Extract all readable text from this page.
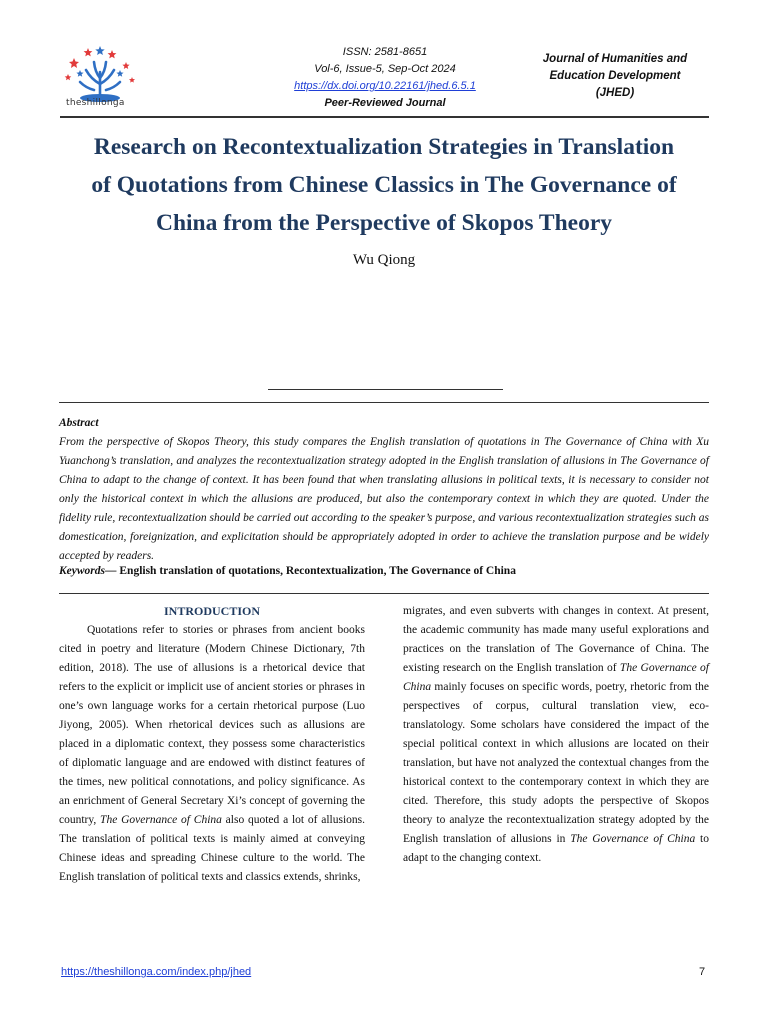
theshillonga
ISSN: 2581-8651
Vol-6, Issue-5, Sep-Oct 2024
https://dx.doi.org/10.22161/jhed.6.5.1
Peer-Reviewed Journal
Journal of Humanities and
Education Development
(JHED)
Research on Recontextualization Strategies in Translation
of Quotations from Chinese Classics in The Governance of
China from the Perspective of Skopos Theory
Wu Qiong
Abstract
From the perspective of Skopos Theory, this study compares the English translation of quotations in The Governance of China with Xu Yuanchong’s translation, and analyzes the recontextualization strategy adopted in the English translation of allusions in The Governance of China to adapt to the change of context. It has been found that when translating allusions in political texts, it is necessary to consider not only the historical context in which the allusions are produced, but also the contemporary context in which they are quoted. Under the fidelity rule, recontextualization should be carried out according to the speaker’s purpose, and various recontextualization strategies such as domestication, foreignization, and explicitation should be appropriately adopted in order to achieve the translation purpose and be widely accepted by readers.
Keywords— English translation of quotations, Recontextualization, The Governance of China
INTRODUCTION

Quotations refer to stories or phrases from ancient books cited in poetry and literature (Modern Chinese Dictionary, 7th edition, 2018). The use of allusions is a rhetorical device that refers to the explicit or implicit use of ancient stories or phrases in one’s own language works for a certain rhetorical purpose (Luo Jiyong, 2005). When rhetorical devices such as allusions are placed in a diplomatic context, they possess some characteristics of diplomatic language and are endowed with distinct features of the times, new political connotations, and policy significance. As an enrichment of General Secretary Xi’s concept of governing the country, The Governance of China also quoted a lot of allusions. The translation of political texts is mainly aimed at conveying Chinese ideas and spreading Chinese culture to the world. The English translation of political texts and classics extends, shrinks,

migrates, and even subverts with changes in context. At present, the academic community has made many useful explorations and practices on the translation of The Governance of China. The existing research on the English translation of The Governance of China mainly focuses on specific words, poetry, rhetoric from the perspectives of corpus, cultural translation view, eco-translatology. Some scholars have considered the impact of the special political context in which allusions are located on their translation, but have not analyzed the contextual changes from the historical context to the contemporary context in which they are cited. Therefore, this study adopts the perspective of Skopos theory to analyze the recontextualization strategy adopted by the English translation of allusions in The Governance of China to adapt to the changing context.

https://theshillonga.com/index.php/jhed	7
